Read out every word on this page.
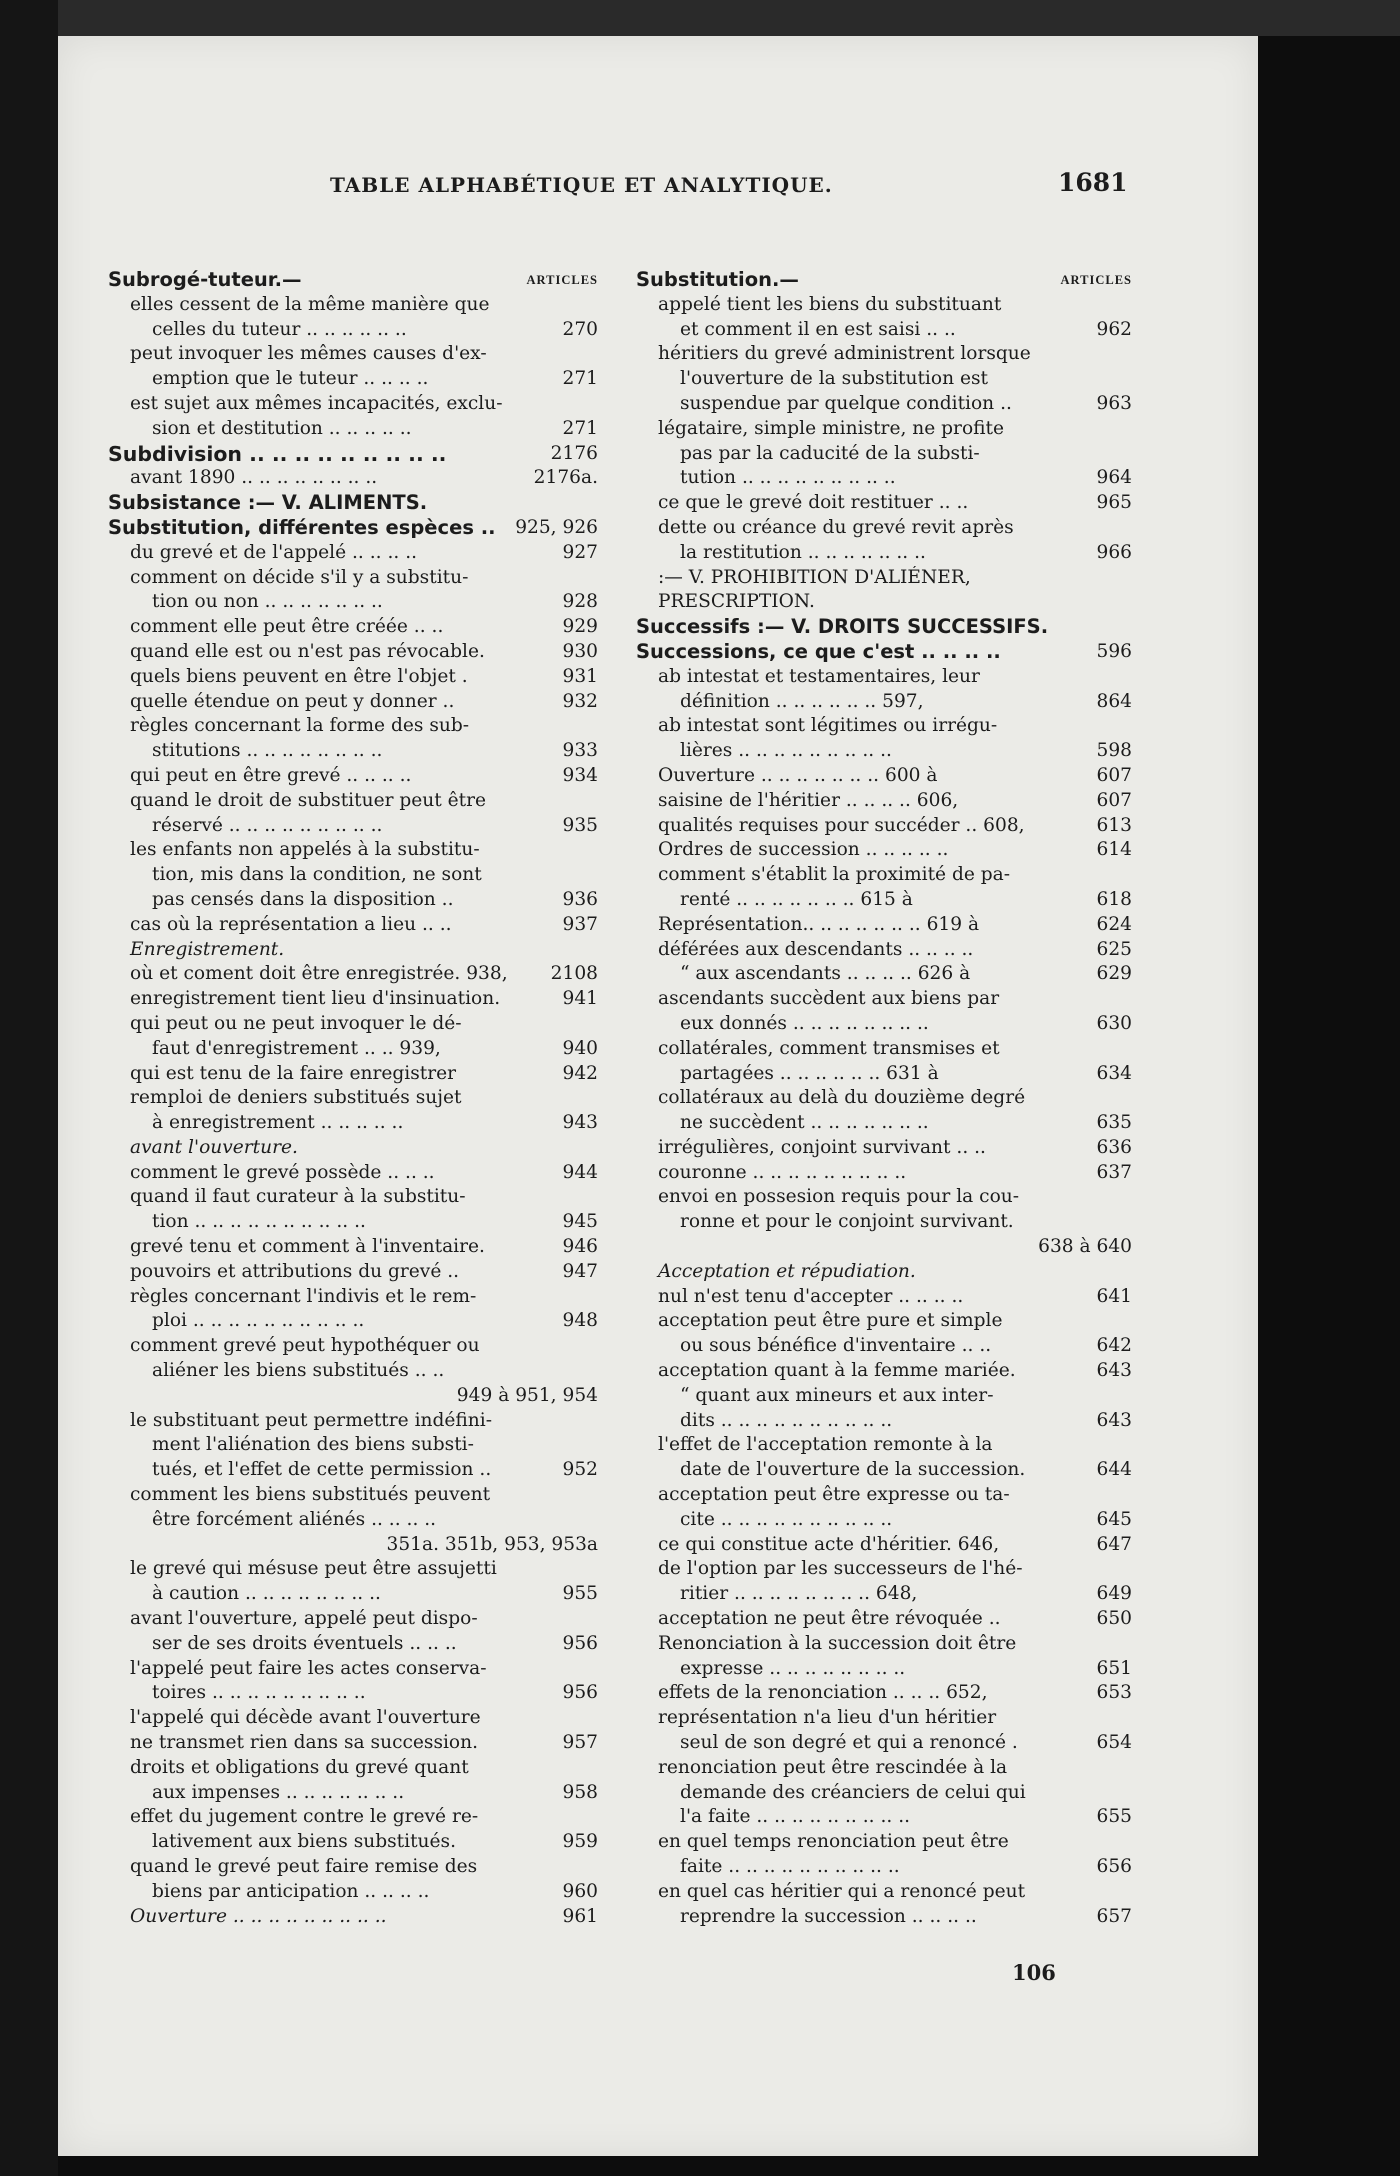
TABLE ALPHABÉTIQUE ET ANALYTIQUE.	1681
Subrogé-tuteur.—	ARTICLES
elles cessent de la même manière que
celles du tuteur .. .. .. .. .. ..	270
peut invoquer les mêmes causes d'ex-
emption que le tuteur .. .. .. ..	271
est sujet aux mêmes incapacités, exclu-
sion et destitution .. .. .. .. ..	271
Subdivision .. .. .. .. .. .. .. .. ..	2176
avant 1890 .. .. .. .. .. .. .. ..	2176a.
Subsistance :— V. ALIMENTS.
Substitution, différentes espèces .. 925, 926
du grevé et de l'appelé .. .. .. ..	927
comment on décide s'il y a substitu-
tion ou non .. .. .. .. .. .. ..	928
comment elle peut être créée .. ..	929
quand elle est ou n'est pas révocable.	930
quels biens peuvent en être l'objet .	931
quelle étendue on peut y donner ..	932
règles concernant la forme des sub-
stitutions .. .. .. .. .. .. .. ..	933
qui peut en être grevé .. .. .. ..	934
quand le droit de substituer peut être
réservé .. .. .. .. .. .. .. .. ..	935
les enfants non appelés à la substitu-
tion, mis dans la condition, ne sont
pas censés dans la disposition ..	936
cas où la représentation a lieu .. ..	937
Enregistrement.
où et coment doit être enregistrée. 938, 2108
enregistrement tient lieu d'insinuation.	941
qui peut ou ne peut invoquer le dé-
faut d'enregistrement .. .. 939,	940
qui est tenu de la faire enregistrer	942
remploi de deniers substitués sujet
à enregistrement .. .. .. .. ..	943
avant l'ouverture.
comment le grevé possède .. .. ..	944
quand il faut curateur à la substitu-
tion .. .. .. .. .. .. .. .. .. ..	945
grevé tenu et comment à l'inventaire.	946
pouvoirs et attributions du grevé ..	947
règles concernant l'indivis et le rem-
ploi .. .. .. .. .. .. .. .. .. ..	948
comment grevé peut hypothéquer ou
aliéner les biens substitués .. ..
949 à 951, 954
le substituant peut permettre indéfini-
ment l'aliénation des biens substi-
tués, et l'effet de cette permission ..	952
comment les biens substitués peuvent
être forcément aliénés .. .. .. ..
351a. 351b, 953, 953a
le grevé qui mésuse peut être assujetti
à caution .. .. .. .. .. .. .. ..	955
avant l'ouverture, appelé peut dispo-
ser de ses droits éventuels .. .. ..	956
l'appelé peut faire les actes conserva-
toires .. .. .. .. .. .. .. .. ..	956
l'appelé qui décède avant l'ouverture
ne transmet rien dans sa succession.	957
droits et obligations du grevé quant
aux impenses .. .. .. .. .. .. ..	958
effet du jugement contre le grevé re-
lativement aux biens substitués.	959
quand le grevé peut faire remise des
biens par anticipation .. .. .. ..	960
Ouverture .. .. .. .. .. .. .. .. ..	961
Substitution.—	ARTICLES
appelé tient les biens du substituant
et comment il en est saisi .. ..	962
héritiers du grevé administrent lorsque
l'ouverture de la substitution est
suspendue par quelque condition ..	963
légataire, simple ministre, ne profite
pas par la caducité de la substi-
tution .. .. .. .. .. .. .. .. ..	964
ce que le grevé doit restituer .. ..	965
dette ou créance du grevé revit après
la restitution .. .. .. .. .. .. ..	966
:— V. PROHIBITION D'ALIÉNER,
PRESCRIPTION.
Successifs :— V. DROITS SUCCESSIFS.
Successions, ce que c'est .. .. .. ..	596
ab intestat et testamentaires, leur
définition .. .. .. .. .. .. 597,	864
ab intestat sont légitimes ou irrégu-
lières .. .. .. .. .. .. .. .. ..	598
Ouverture .. .. .. .. .. .. .. 600 à	607
saisine de l'héritier .. .. .. .. 606,	607
qualités requises pour succéder .. 608,	613
Ordres de succession .. .. .. .. ..	614
comment s'établit la proximité de pa-
renté .. .. .. .. .. .. .. 615 à	618
Représentation.. .. .. .. .. .. .. 619 à	624
déférées aux descendants .. .. .. ..	625
“ aux ascendants .. .. .. .. 626 à	629
ascendants succèdent aux biens par
eux donnés .. .. .. .. .. .. .. ..	630
collatérales, comment transmises et
partagées .. .. .. .. .. .. 631 à	634
collatéraux au delà du douzième degré
ne succèdent .. .. .. .. .. .. ..	635
irrégulières, conjoint survivant .. ..	636
couronne .. .. .. .. .. .. .. .. ..	637
envoi en possesion requis pour la cou-
ronne et pour le conjoint survivant.
638 à 640
Acceptation et répudiation.
nul n'est tenu d'accepter .. .. .. ..	641
acceptation peut être pure et simple
ou sous bénéfice d'inventaire .. ..	642
acceptation quant à la femme mariée.	643
“ quant aux mineurs et aux inter-
dits .. .. .. .. .. .. .. .. .. ..	643
l'effet de l'acceptation remonte à la
date de l'ouverture de la succession.	644
acceptation peut être expresse ou ta-
cite .. .. .. .. .. .. .. .. .. ..	645
ce qui constitue acte d'héritier. 646,	647
de l'option par les successeurs de l'hé-
ritier .. .. .. .. .. .. .. .. 648,	649
acceptation ne peut être révoquée ..	650
Renonciation à la succession doit être
expresse .. .. .. .. .. .. .. ..	651
effets de la renonciation .. .. .. 652,	653
représentation n'a lieu d'un héritier
seul de son degré et qui a renoncé .	654
renonciation peut être rescindée à la
demande des créanciers de celui qui
l'a faite .. .. .. .. .. .. .. .. ..	655
en quel temps renonciation peut être
faite .. .. .. .. .. .. .. .. .. ..	656
en quel cas héritier qui a renoncé peut
reprendre la succession .. .. .. ..	657
106
